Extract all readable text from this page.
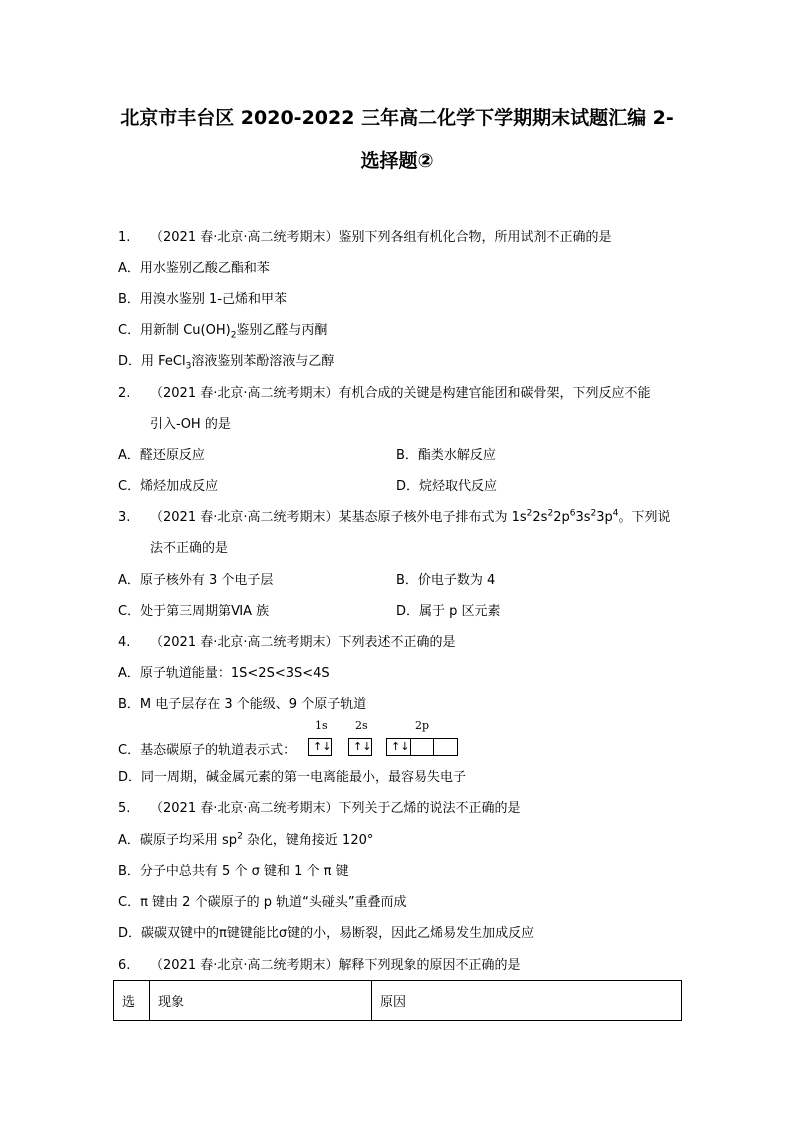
北京市丰台区 2020-2022 三年高二化学下学期期末试题汇编 2-
选择题②
1. （2021 春·北京·高二统考期末）鉴别下列各组有机化合物，所用试剂不正确的是
A．用水鉴别乙酸乙酯和苯
B．用溴水鉴别 1-己烯和甲苯
C．用新制 $Cu(OH)_2$鉴别乙醛与丙酮
D．用 FeCl$_3$溶液鉴别苯酚溶液与乙醇
2. （2021 春·北京·高二统考期末）有机合成的关键是构建官能团和碳骨架，下列反应不能
引入-OH 的是
A．醛还原反应	B．酯类水解反应
C．烯烃加成反应	D．烷烃取代反应
3. （2021 春·北京·高二统考期末）某基态原子核外电子排布式为 $1s^22s^22p^63s^23p^4$。下列说
法不正确的是
A．原子核外有 3 个电子层	B．价电子数为 4
C．处于第三周期第ⅥA 族	D．属于 p 区元素
4. （2021 春·北京·高二统考期末）下列表述不正确的是
A．原子轨道能量：1S<2S<3S<4S
B．M 电子层存在 3 个能级、9 个原子轨道
C．基态碳原子的轨道表示式：
1s 2s	2p
↑↓ ↑↓ ↑↓
D．同一周期，碱金属元素的第一电离能最小，最容易失电子
5. （2021 春·北京·高二统考期末）下列关于乙烯的说法不正确的是
A．碳原子均采用 $sp^2$ 杂化，键角接近 120°
B．分子中总共有 5 个 σ 键和 1 个 π 键
C．π 键由 2 个碳原子的 p 轨道“头碰头”重叠而成
D．碳碳双键中的π键键能比σ键的小，易断裂，因此乙烯易发生加成反应
6. （2021 春·北京·高二统考期末）解释下列现象的原因不正确的是
选	现象	原因
